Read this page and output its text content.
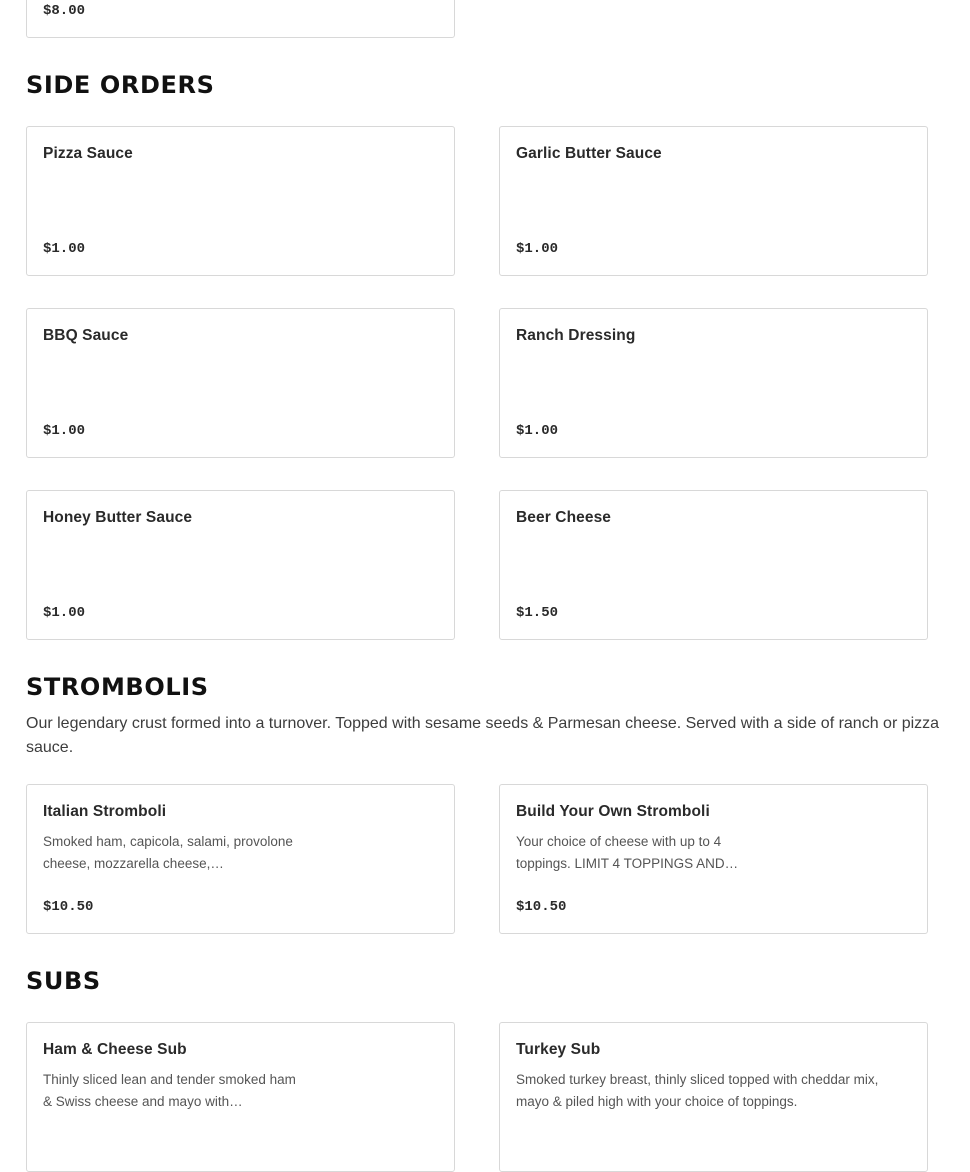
$8.00
SIDE ORDERS
Pizza Sauce
$1.00
Garlic Butter Sauce
$1.00
BBQ Sauce
$1.00
Ranch Dressing
$1.00
Honey Butter Sauce
$1.00
Beer Cheese
$1.50
STROMBOLIS

Our legendary crust formed into a turnover. Topped with sesame seeds & Parmesan cheese. Served with a side of ranch or pizza sauce.

Italian Stromboli
Smoked ham, capicola, salami, provolone cheese, mozzarella cheese,…
$10.50
Build Your Own Stromboli
Your choice of cheese with up to 4 toppings. LIMIT 4 TOPPINGS AND…
$10.50
SUBS
Ham & Cheese Sub
Thinly sliced lean and tender smoked ham & Swiss cheese and mayo with…
Turkey Sub
Smoked turkey breast, thinly sliced topped with cheddar mix, mayo & piled high with your choice of toppings.
